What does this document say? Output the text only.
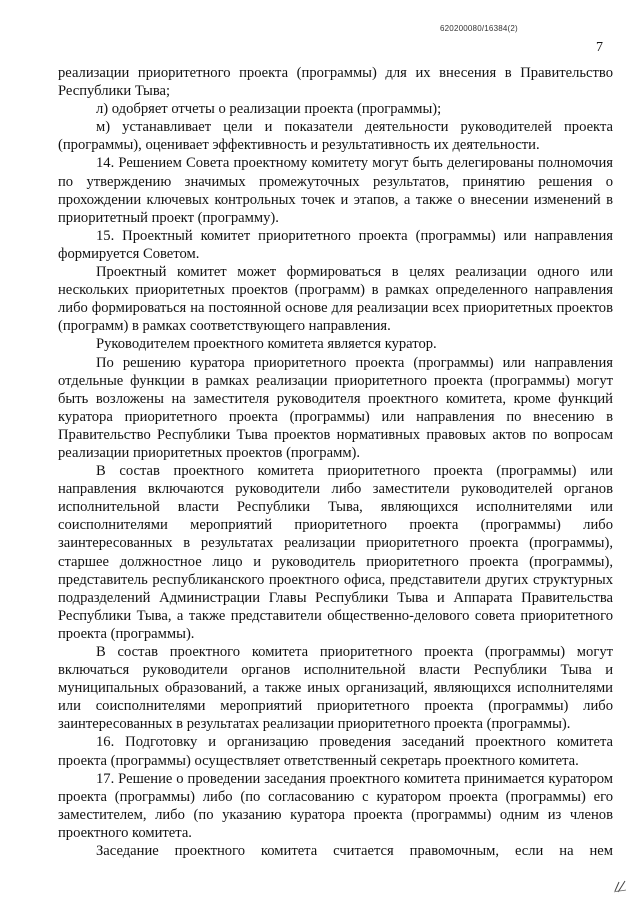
620200080/16384(2)
7

реализации приоритетного проекта (программы) для их внесения в Правительство Республики Тыва;

л) одобряет отчеты о реализации проекта (программы);

м) устанавливает цели и показатели деятельности руководителей проекта (программы), оценивает эффективность и результативность их деятельности.

14. Решением Совета проектному комитету могут быть делегированы полномочия по утверждению значимых промежуточных результатов, принятию решения о прохождении ключевых контрольных точек и этапов, а также о внесении изменений в приоритетный проект (программу).

15. Проектный комитет приоритетного проекта (программы) или направления формируется Советом.

Проектный комитет может формироваться в целях реализации одного или нескольких приоритетных проектов (программ) в рамках определенного направления либо формироваться на постоянной основе для реализации всех приоритетных проектов (программ) в рамках соответствующего направления.

Руководителем проектного комитета является куратор.

По решению куратора приоритетного проекта (программы) или направления отдельные функции в рамках реализации приоритетного проекта (программы) могут быть возложены на заместителя руководителя проектного комитета, кроме функций куратора приоритетного проекта (программы) или направления по внесению в Правительство Республики Тыва проектов нормативных правовых актов по вопросам реализации приоритетных проектов (программ).

В состав проектного комитета приоритетного проекта (программы) или направления включаются руководители либо заместители руководителей органов исполнительной власти Республики Тыва, являющихся исполнителями или соисполнителями мероприятий приоритетного проекта (программы) либо заинтересованных в результатах реализации приоритетного проекта (программы), старшее должностное лицо и руководитель приоритетного проекта (программы), представитель республиканского проектного офиса, представители других структурных подразделений Администрации Главы Республики Тыва и Аппарата Правительства Республики Тыва, а также представители общественно-делового совета приоритетного проекта (программы).

В состав проектного комитета приоритетного проекта (программы) могут включаться руководители органов исполнительной власти Республики Тыва и муниципальных образований, а также иных организаций, являющихся исполнителями или соисполнителями мероприятий приоритетного проекта (программы) либо заинтересованных в результатах реализации приоритетного проекта (программы).

16. Подготовку и организацию проведения заседаний проектного комитета проекта (программы) осуществляет ответственный секретарь проектного комитета.

17. Решение о проведении заседания проектного комитета принимается куратором проекта (программы) либо (по согласованию с куратором проекта (программы) его заместителем, либо (по указанию куратора проекта (программы) одним из членов проектного комитета.

Заседание проектного комитета считается правомочным, если на нем
